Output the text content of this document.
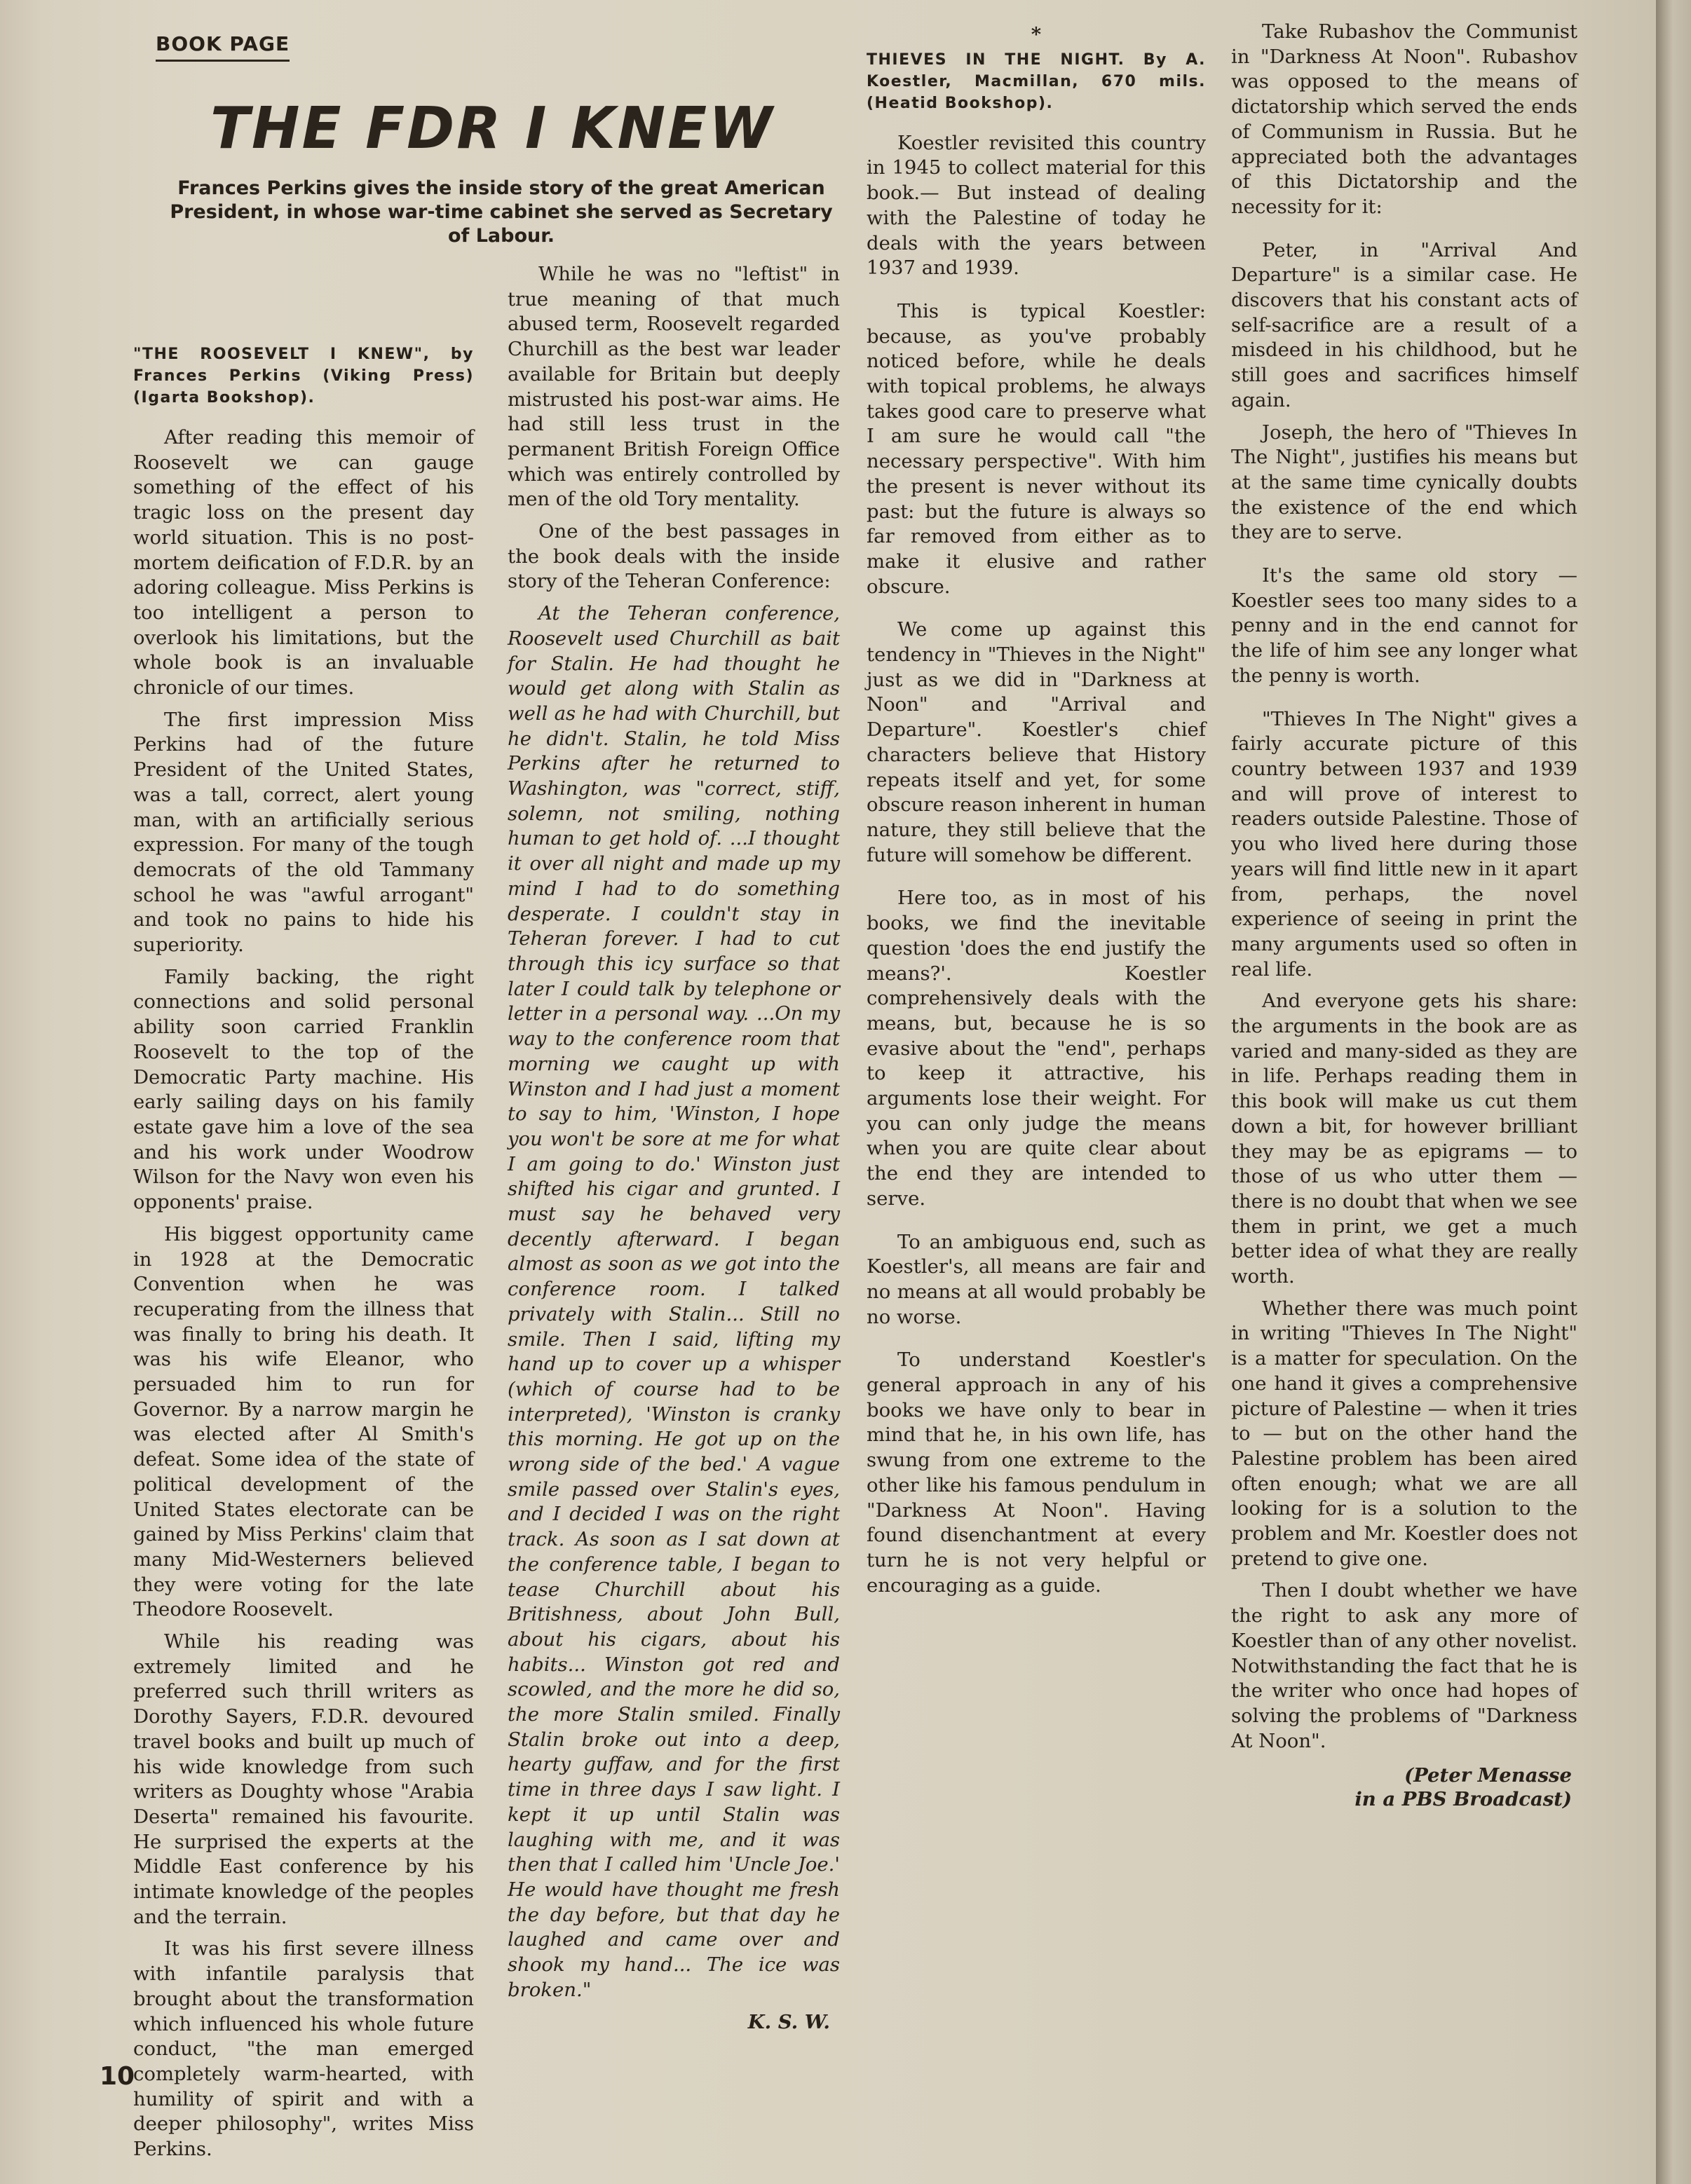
BOOK PAGE
THE FDR I KNEW
Frances Perkins gives the inside story of the great American President, in whose war-time cabinet she served as Secretary of Labour.

"THE ROOSEVELT I KNEW", by Frances Perkins (Viking Press) (Igarta Bookshop).

After reading this memoir of Roosevelt we can gauge something of the effect of his tragic loss on the present day world situation. This is no post-mortem deification of F.D.R. by an adoring colleague. Miss Perkins is too intelligent a person to overlook his limitations, but the whole book is an invaluable chronicle of our times.

The first impression Miss Perkins had of the future President of the United States, was a tall, correct, alert young man, with an artificially serious expression. For many of the tough democrats of the old Tammany school he was "awful arrogant" and took no pains to hide his superiority.

Family backing, the right connections and solid personal ability soon carried Franklin Roosevelt to the top of the Democratic Party machine. His early sailing days on his family estate gave him a love of the sea and his work under Woodrow Wilson for the Navy won even his opponents' praise.

His biggest opportunity came in 1928 at the Democratic Convention when he was recuperating from the illness that was finally to bring his death. It was his wife Eleanor, who persuaded him to run for Governor. By a narrow margin he was elected after Al Smith's defeat. Some idea of the state of political development of the United States electorate can be gained by Miss Perkins' claim that many Mid-Westerners believed they were voting for the late Theodore Roosevelt.

While his reading was extremely limited and he preferred such thrill writers as Dorothy Sayers, F.D.R. devoured travel books and built up much of his wide knowledge from such writers as Doughty whose "Arabia Deserta" remained his favourite. He surprised the experts at the Middle East conference by his intimate knowledge of the peoples and the terrain.

It was his first severe illness with infantile paralysis that brought about the transformation which influenced his whole future conduct, "the man emerged completely warm-hearted, with humility of spirit and with a deeper philosophy", writes Miss Perkins.

While he was no "leftist" in true meaning of that much abused term, Roosevelt regarded Churchill as the best war leader available for Britain but deeply mistrusted his post-war aims. He had still less trust in the permanent British Foreign Office which was entirely controlled by men of the old Tory mentality.

One of the best passages in the book deals with the inside story of the Teheran Conference:

At the Teheran conference, Roosevelt used Churchill as bait for Stalin. He had thought he would get along with Stalin as well as he had with Churchill, but he didn't. Stalin, he told Miss Perkins after he returned to Washington, was "correct, stiff, solemn, not smiling, nothing human to get hold of. ...I thought it over all night and made up my mind I had to do something desperate. I couldn't stay in Teheran forever. I had to cut through this icy surface so that later I could talk by telephone or letter in a personal way. ...On my way to the conference room that morning we caught up with Winston and I had just a moment to say to him, 'Winston, I hope you won't be sore at me for what I am going to do.' Winston just shifted his cigar and grunted. I must say he behaved very decently afterward. I began almost as soon as we got into the conference room. I talked privately with Stalin... Still no smile. Then I said, lifting my hand up to cover up a whisper (which of course had to be interpreted), 'Winston is cranky this morning. He got up on the wrong side of the bed.' A vague smile passed over Stalin's eyes, and I decided I was on the right track. As soon as I sat down at the conference table, I began to tease Churchill about his Britishness, about John Bull, about his cigars, about his habits... Winston got red and scowled, and the more he did so, the more Stalin smiled. Finally Stalin broke out into a deep, hearty guffaw, and for the first time in three days I saw light. I kept it up until Stalin was laughing with me, and it was then that I called him 'Uncle Joe.' He would have thought me fresh the day before, but that day he laughed and came over and shook my hand... The ice was broken."

K. S. W.

*

THIEVES IN THE NIGHT. By A. Koestler, Macmillan, 670 mils. (Heatid Bookshop).

Koestler revisited this country in 1945 to collect material for this book.— But instead of dealing with the Palestine of today he deals with the years between 1937 and 1939.

This is typical Koestler: because, as you've probably noticed before, while he deals with topical problems, he always takes good care to preserve what I am sure he would call "the necessary perspective". With him the present is never without its past: but the future is always so far removed from either as to make it elusive and rather obscure.

We come up against this tendency in "Thieves in the Night" just as we did in "Darkness at Noon" and "Arrival and Departure". Koestler's chief characters believe that History repeats itself and yet, for some obscure reason inherent in human nature, they still believe that the future will somehow be different.

Here too, as in most of his books, we find the inevitable question 'does the end justify the means?'. Koestler comprehensively deals with the means, but, because he is so evasive about the "end", perhaps to keep it attractive, his arguments lose their weight. For you can only judge the means when you are quite clear about the end they are intended to serve.

To an ambiguous end, such as Koestler's, all means are fair and no means at all would probably be no worse.

To understand Koestler's general approach in any of his books we have only to bear in mind that he, in his own life, has swung from one extreme to the other like his famous pendulum in "Darkness At Noon". Having found disenchantment at every turn he is not very helpful or encouraging as a guide.

Take Rubashov the Communist in "Darkness At Noon". Rubashov was opposed to the means of dictatorship which served the ends of Communism in Russia. But he appreciated both the advantages of this Dictatorship and the necessity for it:

Peter, in "Arrival And Departure" is a similar case. He discovers that his constant acts of self-sacrifice are a result of a misdeed in his childhood, but he still goes and sacrifices himself again.

Joseph, the hero of "Thieves In The Night", justifies his means but at the same time cynically doubts the existence of the end which they are to serve.

It's the same old story — Koestler sees too many sides to a penny and in the end cannot for the life of him see any longer what the penny is worth.

"Thieves In The Night" gives a fairly accurate picture of this country between 1937 and 1939 and will prove of interest to readers outside Palestine. Those of you who lived here during those years will find little new in it apart from, perhaps, the novel experience of seeing in print the many arguments used so often in real life.

And everyone gets his share: the arguments in the book are as varied and many-sided as they are in life. Perhaps reading them in this book will make us cut them down a bit, for however brilliant they may be as epigrams — to those of us who utter them — there is no doubt that when we see them in print, we get a much better idea of what they are really worth.

Whether there was much point in writing "Thieves In The Night" is a matter for speculation. On the one hand it gives a comprehensive picture of Palestine — when it tries to — but on the other hand the Palestine problem has been aired often enough; what we are all looking for is a solution to the problem and Mr. Koestler does not pretend to give one.

Then I doubt whether we have the right to ask any more of Koestler than of any other novelist. Notwithstanding the fact that he is the writer who once had hopes of solving the problems of "Darkness At Noon".

(Peter Menasse
in a PBS Broadcast)

10
